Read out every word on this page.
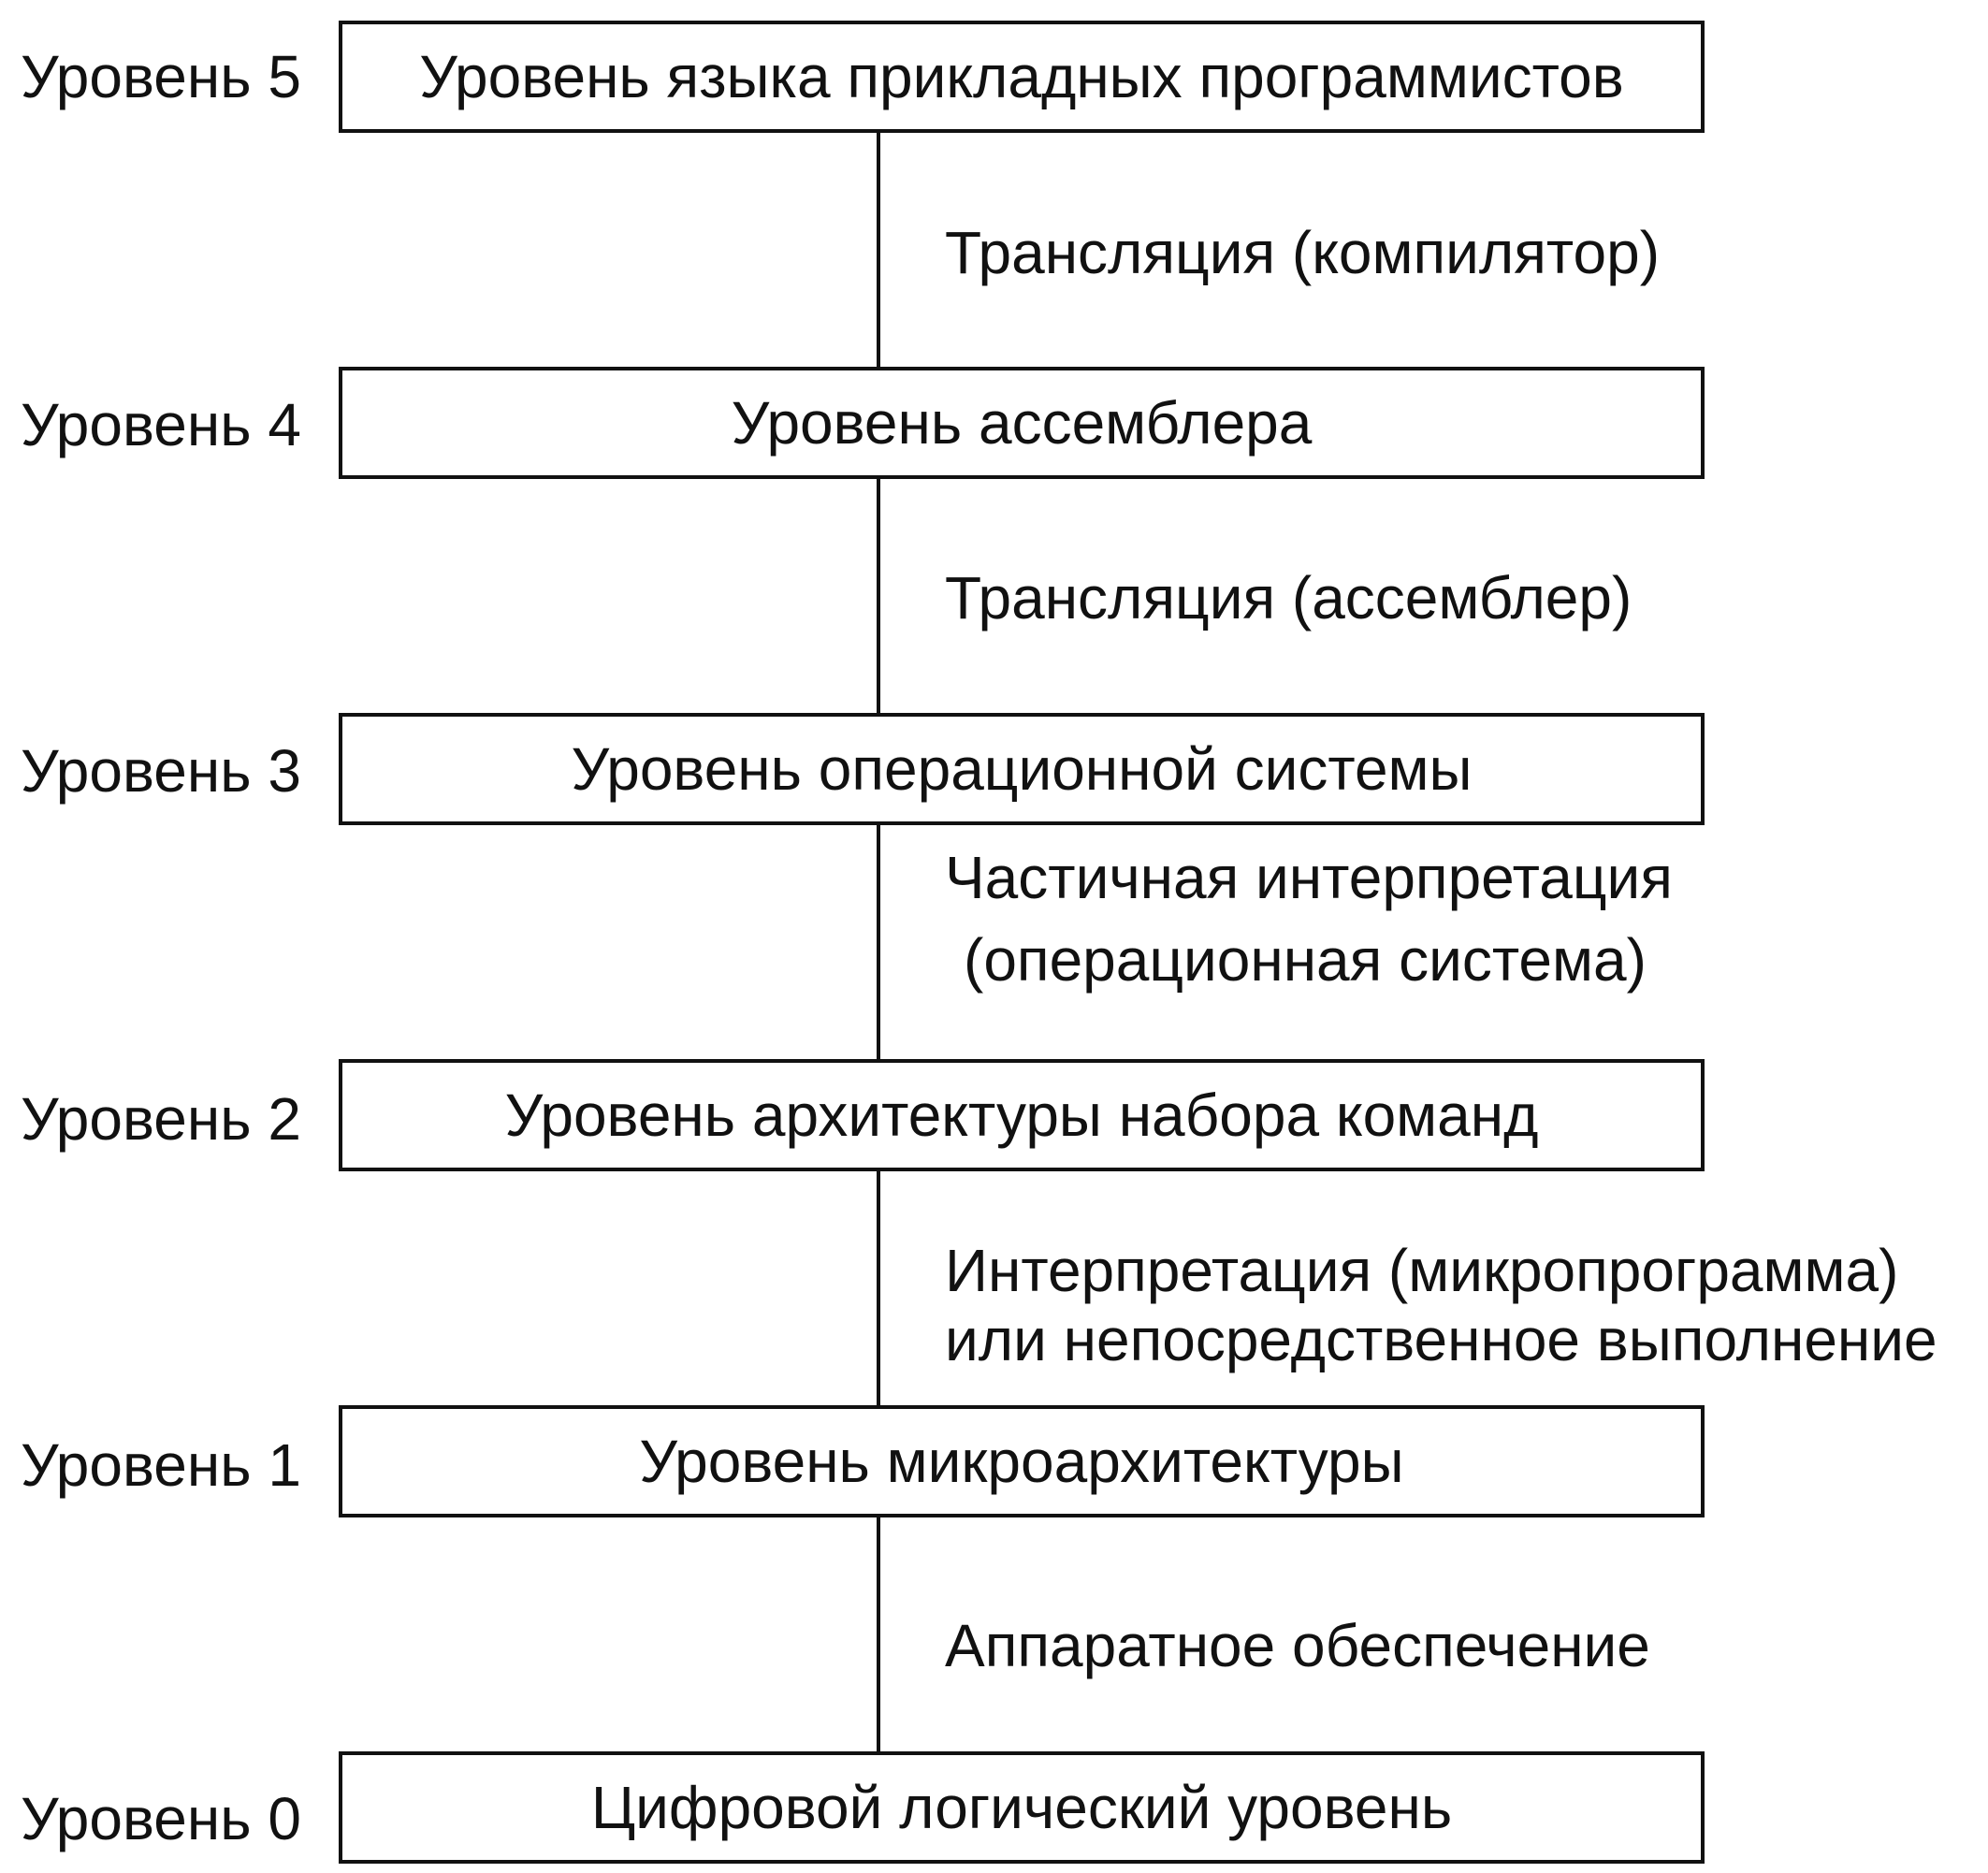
Уровень 5	Уровень языка прикладных программистов
Трансляция (компилятор)
Уровень 4	Уровень ассемблера
Трансляция (ассемблер)
Уровень 3	Уровень операционной системы
Частичная интерпретация
(операционная система)
Уровень 2	Уровень архитектуры набора команд
Интерпретация (микропрограмма)
или непосредственное выполнение
Уровень 1	Уровень микроархитектуры
Аппаратное обеспечение
Уровень 0	Цифровой логический уровень
